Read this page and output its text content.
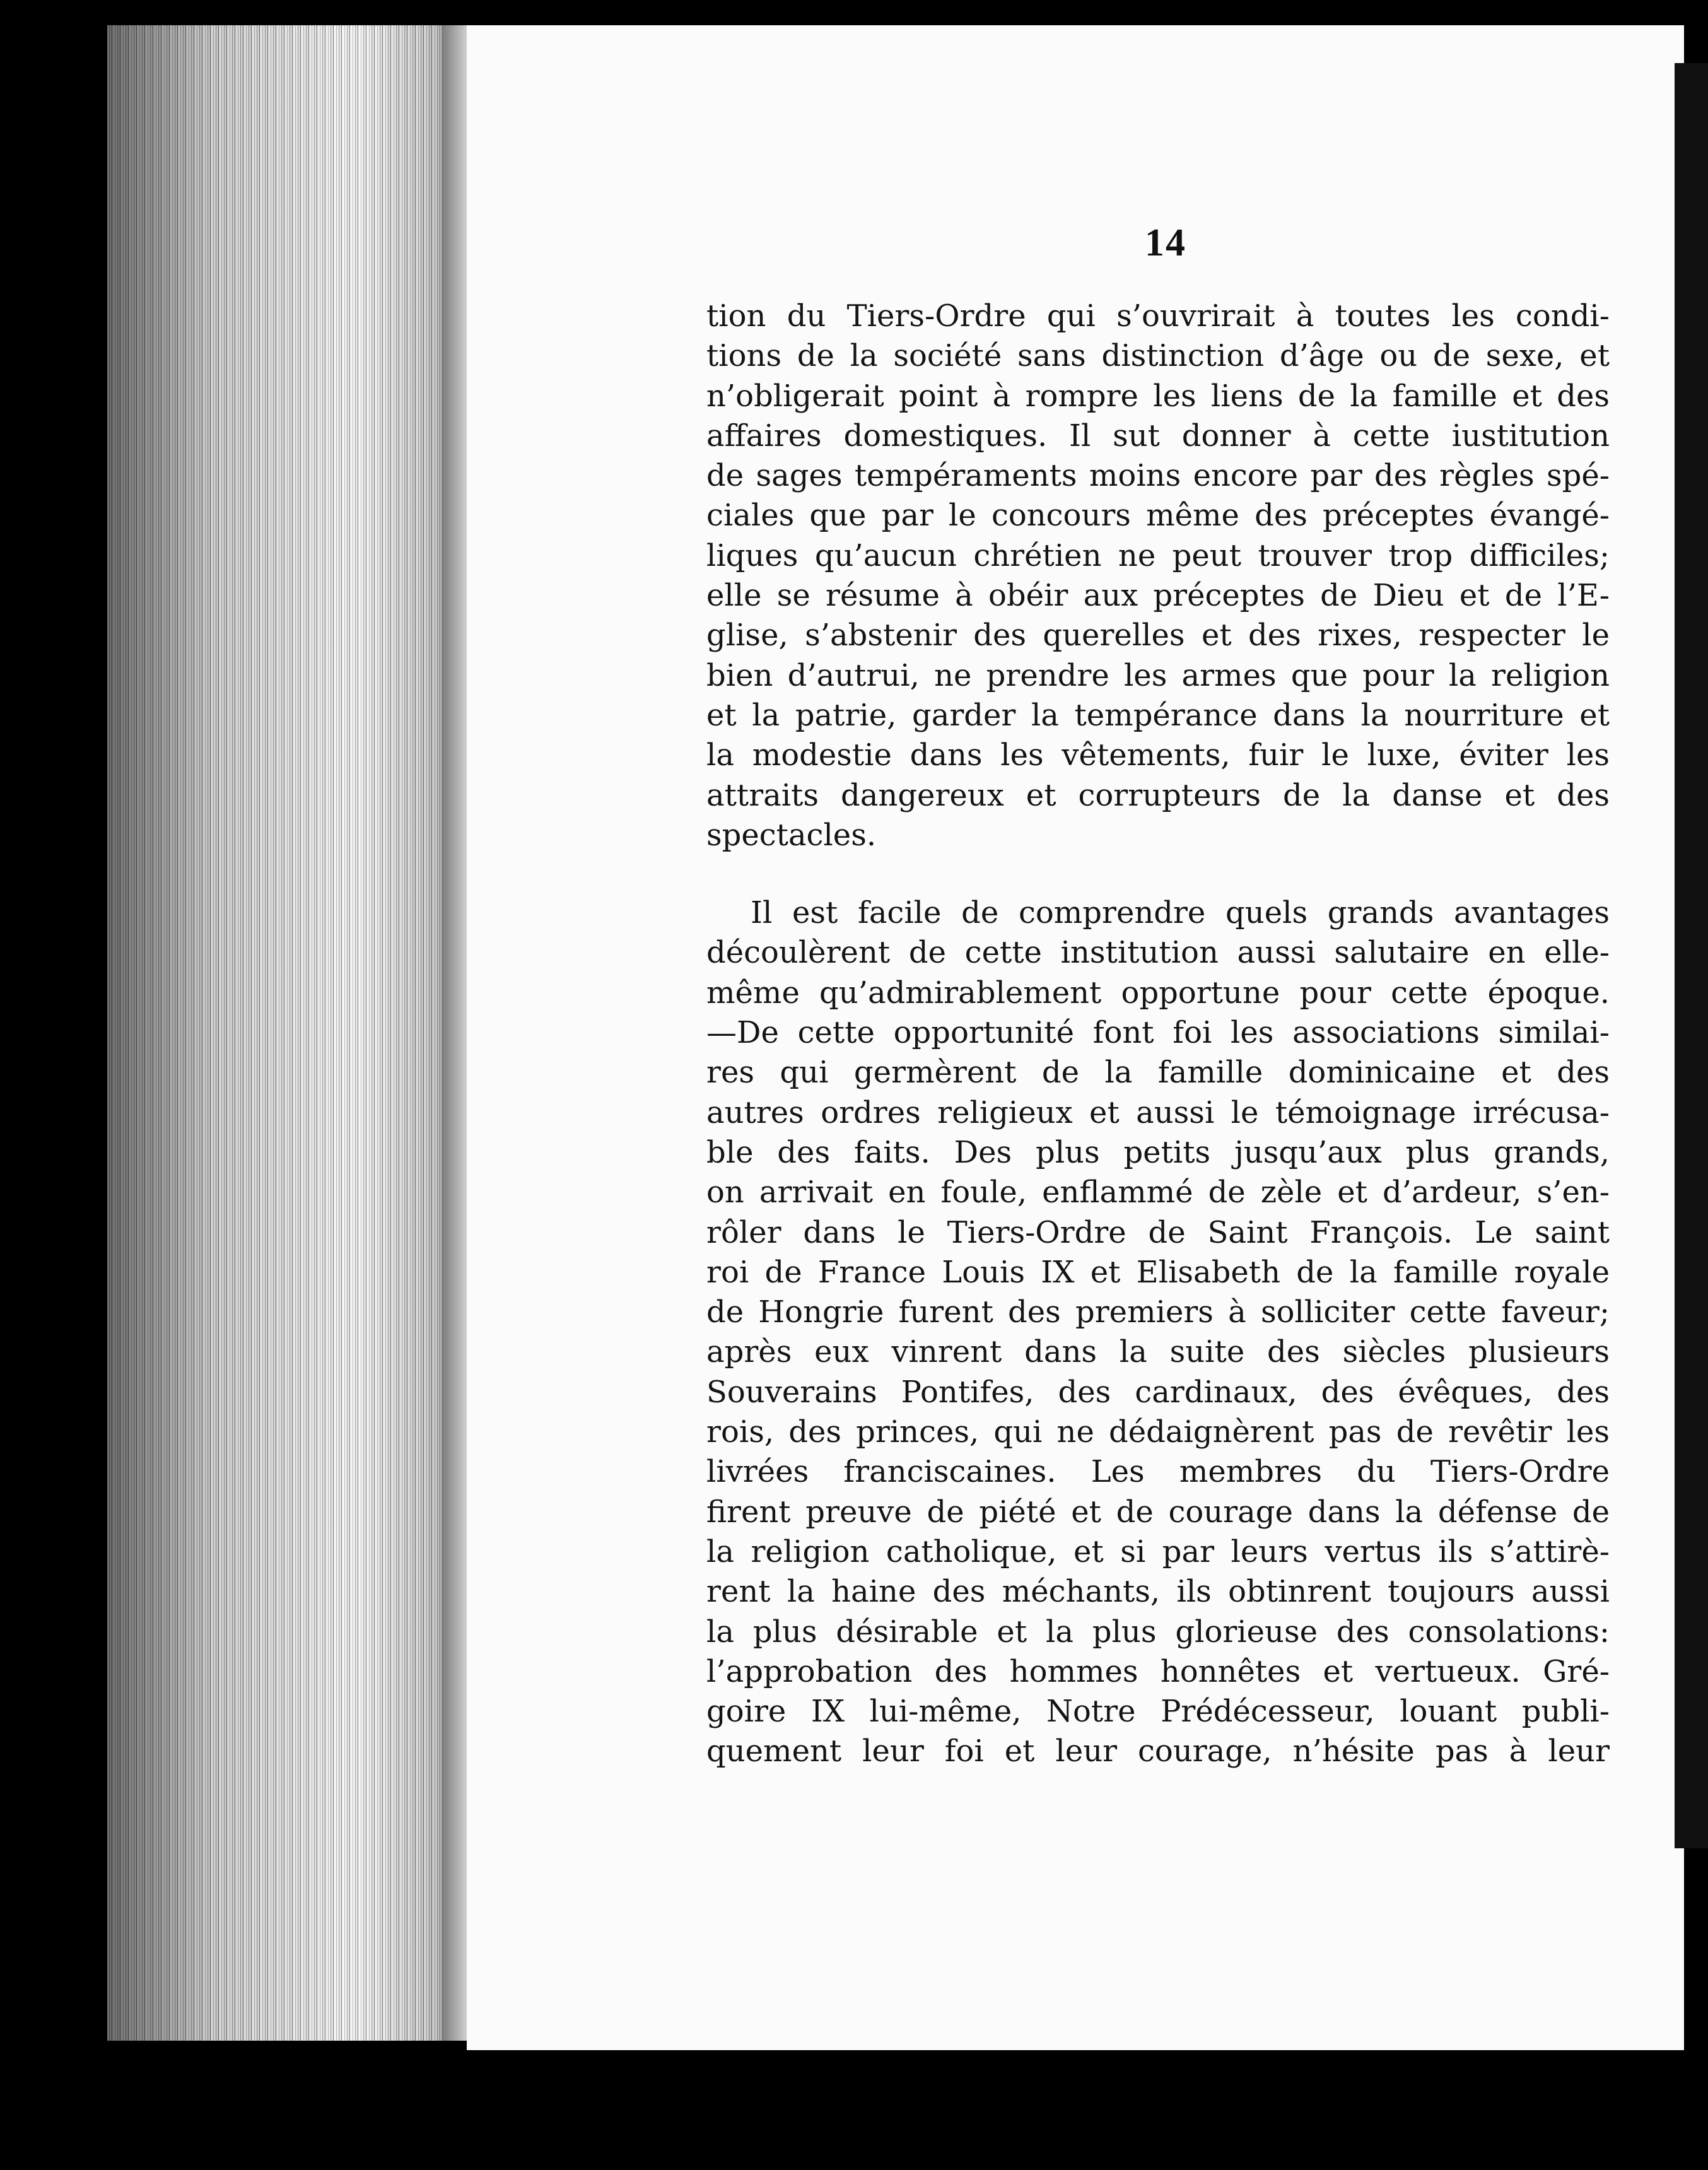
14
tion du Tiers-Ordre qui s’ouvrirait à toutes les condi-
tions de la société sans distinction d’âge ou de sexe, et
n’obligerait point à rompre les liens de la famille et des
affaires domestiques. Il sut donner à cette iustitution
de sages tempéraments moins encore par des règles spé-
ciales que par le concours même des préceptes évangé-
liques qu’aucun chrétien ne peut trouver trop difficiles;
elle se résume à obéir aux préceptes de Dieu et de l’E-
glise, s’abstenir des querelles et des rixes, respecter le
bien d’autrui, ne prendre les armes que pour la religion
et la patrie, garder la tempérance dans la nourriture et
la modestie dans les vêtements, fuir le luxe, éviter les
attraits dangereux et corrupteurs de la danse et des
spectacles.
Il est facile de comprendre quels grands avantages
découlèrent de cette institution aussi salutaire en elle-
même qu’admirablement opportune pour cette époque.
—De cette opportunité font foi les associations similai-
res qui germèrent de la famille dominicaine et des
autres ordres religieux et aussi le témoignage irrécusa-
ble des faits. Des plus petits jusqu’aux plus grands,
on arrivait en foule, enflammé de zèle et d’ardeur, s’en-
rôler dans le Tiers-Ordre de Saint François. Le saint
roi de France Louis IX et Elisabeth de la famille royale
de Hongrie furent des premiers à solliciter cette faveur;
après eux vinrent dans la suite des siècles plusieurs
Souverains Pontifes, des cardinaux, des évêques, des
rois, des princes, qui ne dédaignèrent pas de revêtir les
livrées franciscaines. Les membres du Tiers-Ordre
firent preuve de piété et de courage dans la défense de
la religion catholique, et si par leurs vertus ils s’attirè-
rent la haine des méchants, ils obtinrent toujours aussi
la plus désirable et la plus glorieuse des consolations:
l’approbation des hommes honnêtes et vertueux. Gré-
goire IX lui-même, Notre Prédécesseur, louant publi-
quement leur foi et leur courage, n’hésite pas à leur
